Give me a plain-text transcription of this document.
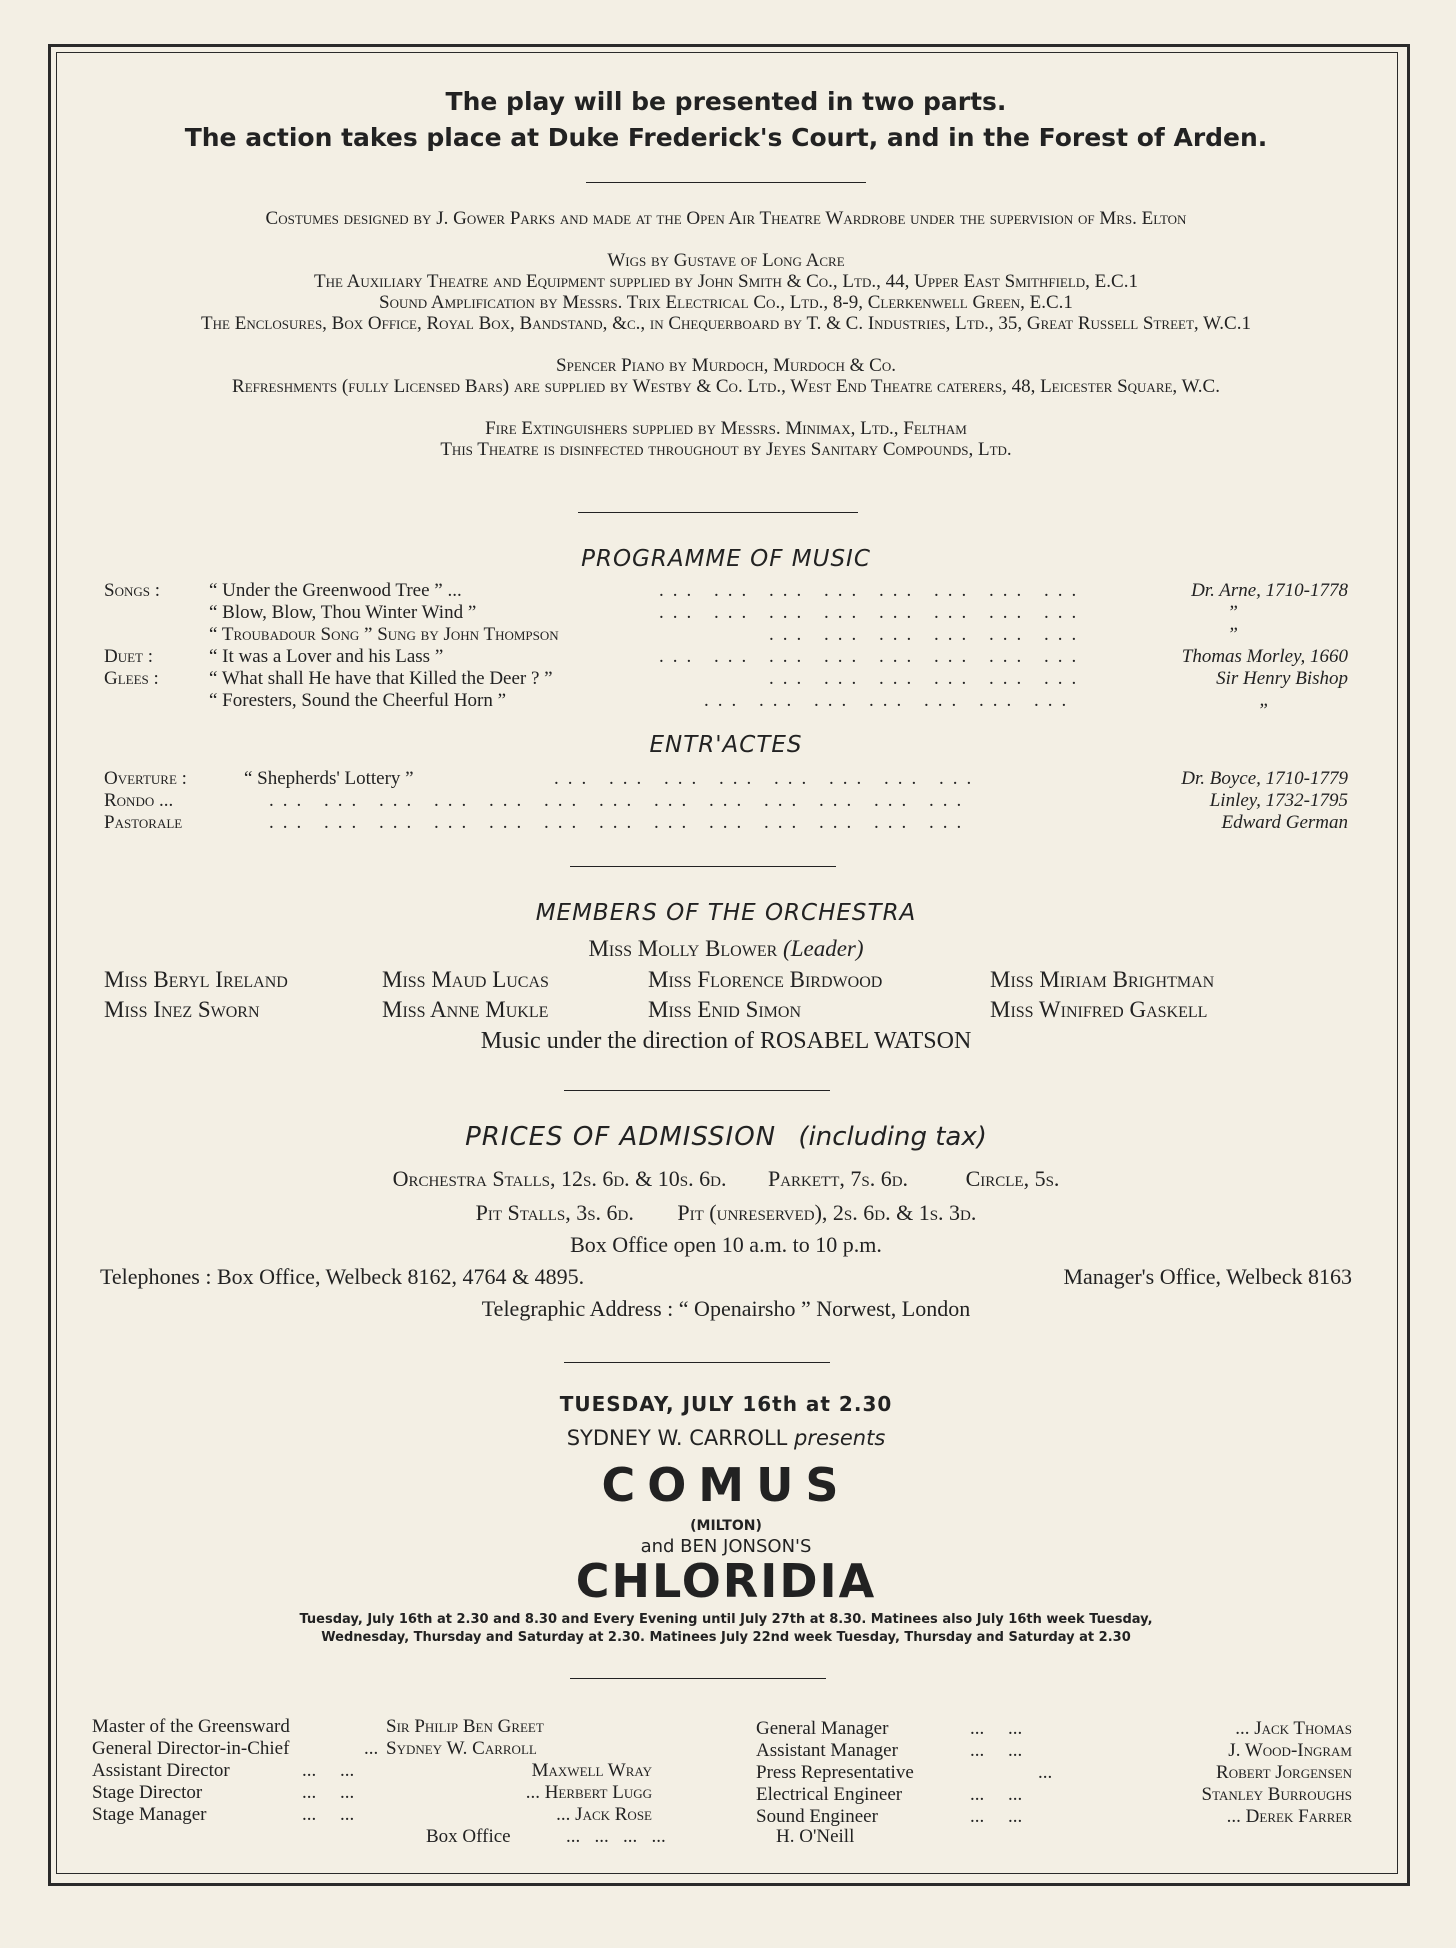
The play will be presented in two parts.
The action takes place at Duke Frederick's Court, and in the Forest of Arden.
Costumes designed by J. Gower Parks and made at the Open Air Theatre Wardrobe under the supervision of Mrs. Elton
Wigs by Gustave of Long Acre
The Auxiliary Theatre and Equipment supplied by John Smith & Co., Ltd., 44, Upper East Smithfield, E.C.1
Sound Amplification by Messrs. Trix Electrical Co., Ltd., 8-9, Clerkenwell Green, E.C.1
The Enclosures, Box Office, Royal Box, Bandstand, &c., in Chequerboard by T. & C. Industries, Ltd., 35, Great Russell Street, W.C.1
Spencer Piano by Murdoch, Murdoch & Co.
Refreshments (fully Licensed Bars) are supplied by Westby & Co. Ltd., West End Theatre caterers, 48, Leicester Square, W.C.
Fire Extinguishers supplied by Messrs. Minimax, Ltd., Feltham
This Theatre is disinfected throughout by Jeyes Sanitary Compounds, Ltd.
PROGRAMME OF MUSIC
Songs :	“ Under the Greenwood Tree ” ...	... ... ... ... ... ... ... ...	Dr. Arne, 1710-1778
“ Blow, Blow, Thou Winter Wind ”	... ... ... ... ... ... ... ...	”
“ Troubadour Song ” Sung by John Thompson	... ... ... ... ... ...	”
Duet :	“ It was a Lover and his Lass ”	... ... ... ... ... ... ... ...	Thomas Morley, 1660
Glees :	“ What shall He have that Killed the Deer ? ”	... ... ... ... ... ...	Sir Henry Bishop
“ Foresters, Sound the Cheerful Horn ”	... ... ... ... ... ... ...	”
ENTR'ACTES
Overture :	“ Shepherds' Lottery ”	... ... ... ... ... ... ... ...	Dr. Boyce, 1710-1779
Rondo ...	... ... ... ... ... ... ... ... ... ... ... ... ...	Linley, 1732-1795
Pastorale	... ... ... ... ... ... ... ... ... ... ... ... ...	Edward German
MEMBERS OF THE ORCHESTRA
Miss Molly Blower (Leader)
Miss Beryl Ireland	Miss Maud Lucas	Miss Florence Birdwood	Miss Miriam Brightman
Miss Inez Sworn	Miss Anne Mukle	Miss Enid Simon	Miss Winifred Gaskell
Music under the direction of ROSABEL WATSON
PRICES OF ADMISSION (including tax)
Orchestra Stalls, 12s. 6d. & 10s. 6d. Parkett, 7s. 6d.	Circle, 5s.
Pit Stalls, 3s. 6d. Pit (unreserved), 2s. 6d. & 1s. 3d.
Box Office open 10 a.m. to 10 p.m.
Telephones : Box Office, Welbeck 8162, 4764 & 4895.	Manager's Office, Welbeck 8163
Telegraphic Address : “ Openairsho ” Norwest, London
TUESDAY, JULY 16th at 2.30
SYDNEY W. CARROLL presents
COMUS
(MILTON)
and BEN JONSON'S
CHLORIDIA
Tuesday, July 16th at 2.30 and 8.30 and Every Evening until July 27th at 8.30. Matinees also July 16th week Tuesday,
Wednesday, Thursday and Saturday at 2.30. Matinees July 22nd week Tuesday, Thursday and Saturday at 2.30
Master of the Greensward	Sir Philip Ben Greet
General Director-in-Chief	... Sydney W. Carroll
Assistant Director	...     ...	Maxwell Wray
Stage Director	...     ...	... Herbert Lugg
Stage Manager	...     ...	... Jack Rose
Box Office	...   ...   ...   ...	H. O'Neill
General Manager	...     ...	... Jack Thomas
Assistant Manager	...     ...	J. Wood-Ingram
Press Representative	...	Robert Jorgensen
Electrical Engineer	...     ...	Stanley Burroughs
Sound Engineer	...     ...	... Derek Farrer
